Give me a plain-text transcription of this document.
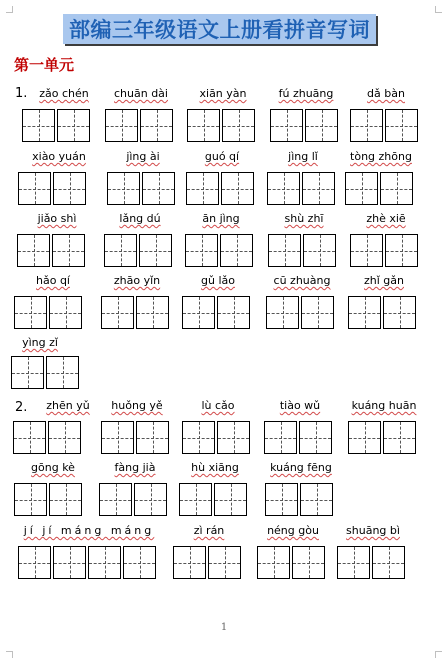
部编三年级语文上册看拼音写词
第一单元
1.
2.
zǎo chén	chuān dài	xiān yàn	fú zhuāng	dǎ bàn
xiào yuán	jìng ài	guó qí	jìng lǐ	tòng zhōng
jiǎo shì	lǎng dú	ān jìng	shù zhī	zhè xiē
hǎo qí	zhāo yǐn	gǔ lǎo	cū zhuàng	zhǐ gǎn
yìng zǐ
zhēn yǔ	huǒng yě	lù cǎo	tiào wǔ	kuáng huān
gōng kè	fàng jià	hù xiāng	kuáng fēng
jí jí máng máng	zì rán	néng gòu	shuāng bì
1
